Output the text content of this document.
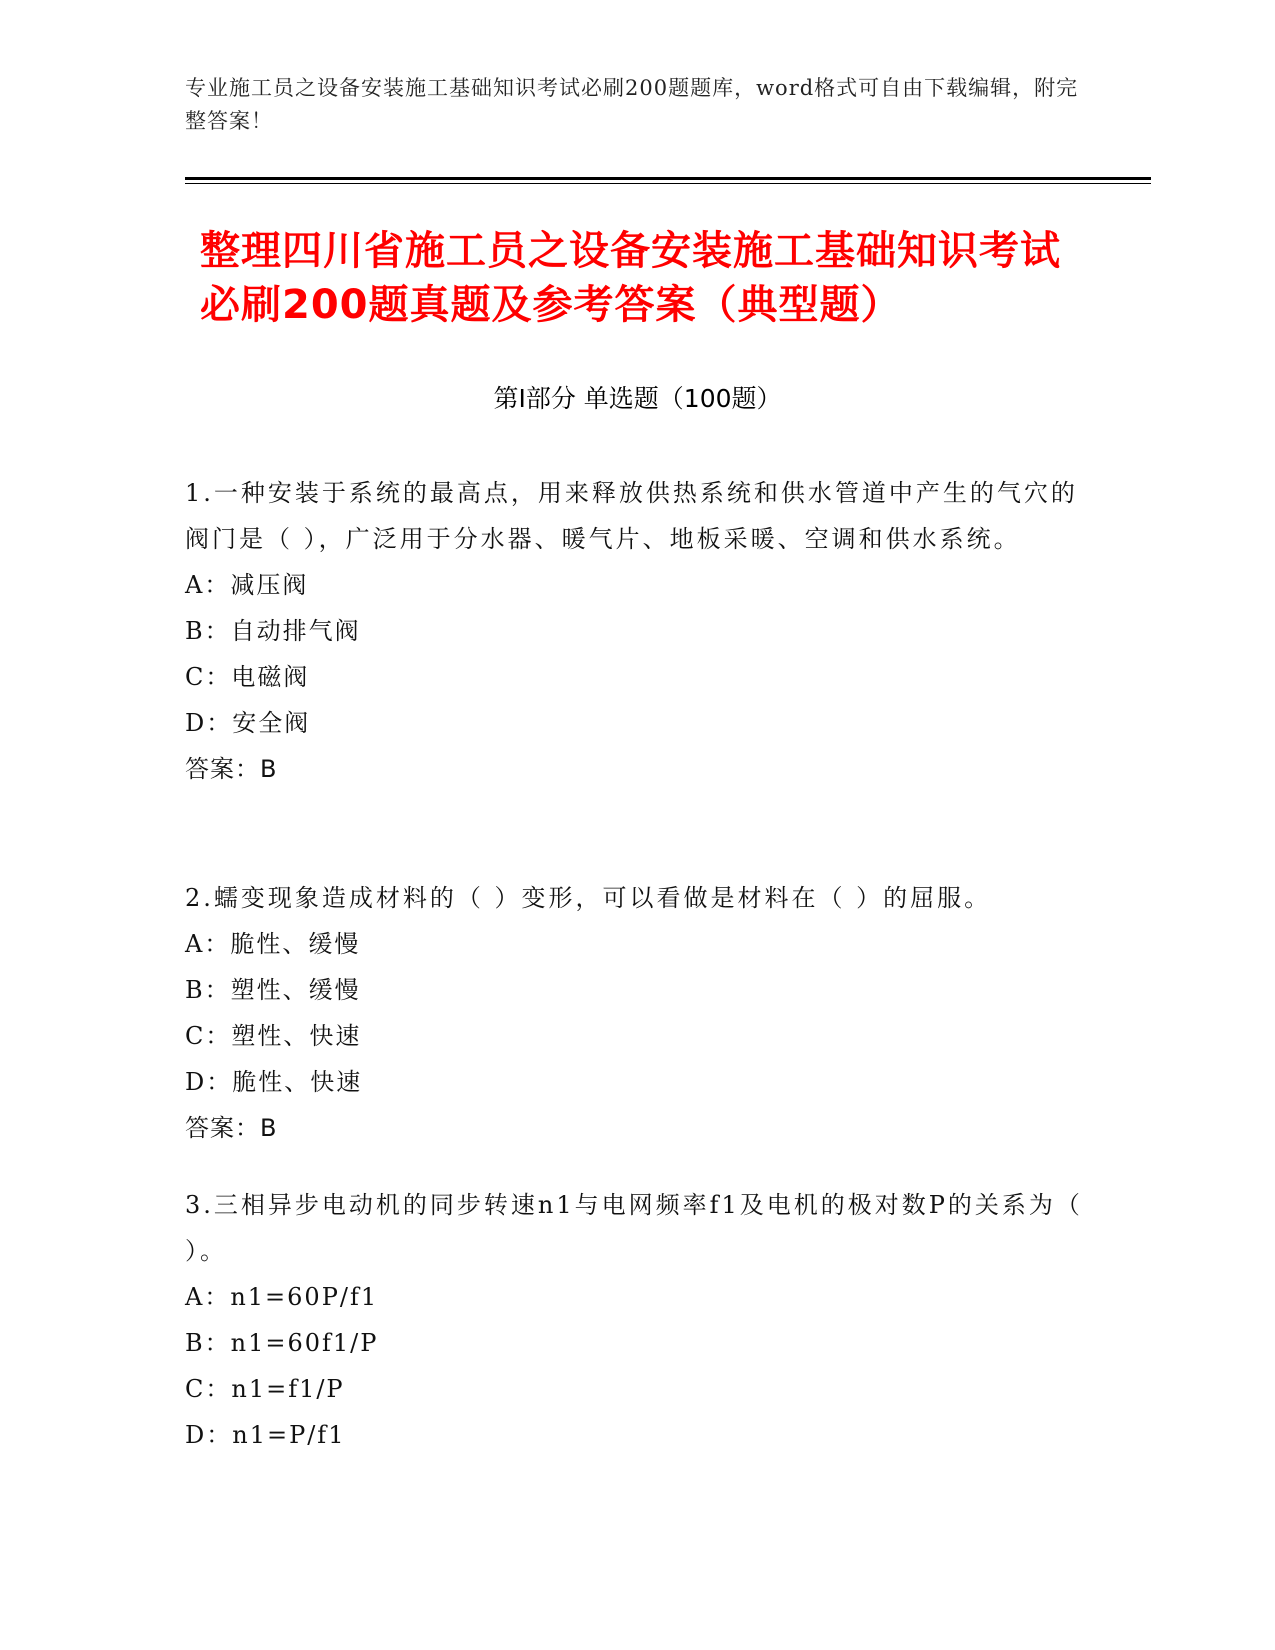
专业施工员之设备安装施工基础知识考试必刷200题题库，word格式可自由下载编辑，附完整答案！
整理四川省施工员之设备安装施工基础知识考试必刷200题真题及参考答案（典型题）
第Ⅰ部分 单选题（100题）
1.一种安装于系统的最高点，用来释放供热系统和供水管道中产生的气穴的阀门是（ ），广泛用于分水器、暖气片、地板采暖、空调和供水系统。
A：减压阀
B：自动排气阀
C：电磁阀
D：安全阀
答案：B
2.蠕变现象造成材料的（ ）变形，可以看做是材料在（ ）的屈服。
A：脆性、缓慢
B：塑性、缓慢
C：塑性、快速
D：脆性、快速
答案：B
3.三相异步电动机的同步转速n1与电网频率f1及电机的极对数P的关系为（ ）。
A：n1=60P/f1
B：n1=60f1/P
C：n1=f1/P
D：n1=P/f1
